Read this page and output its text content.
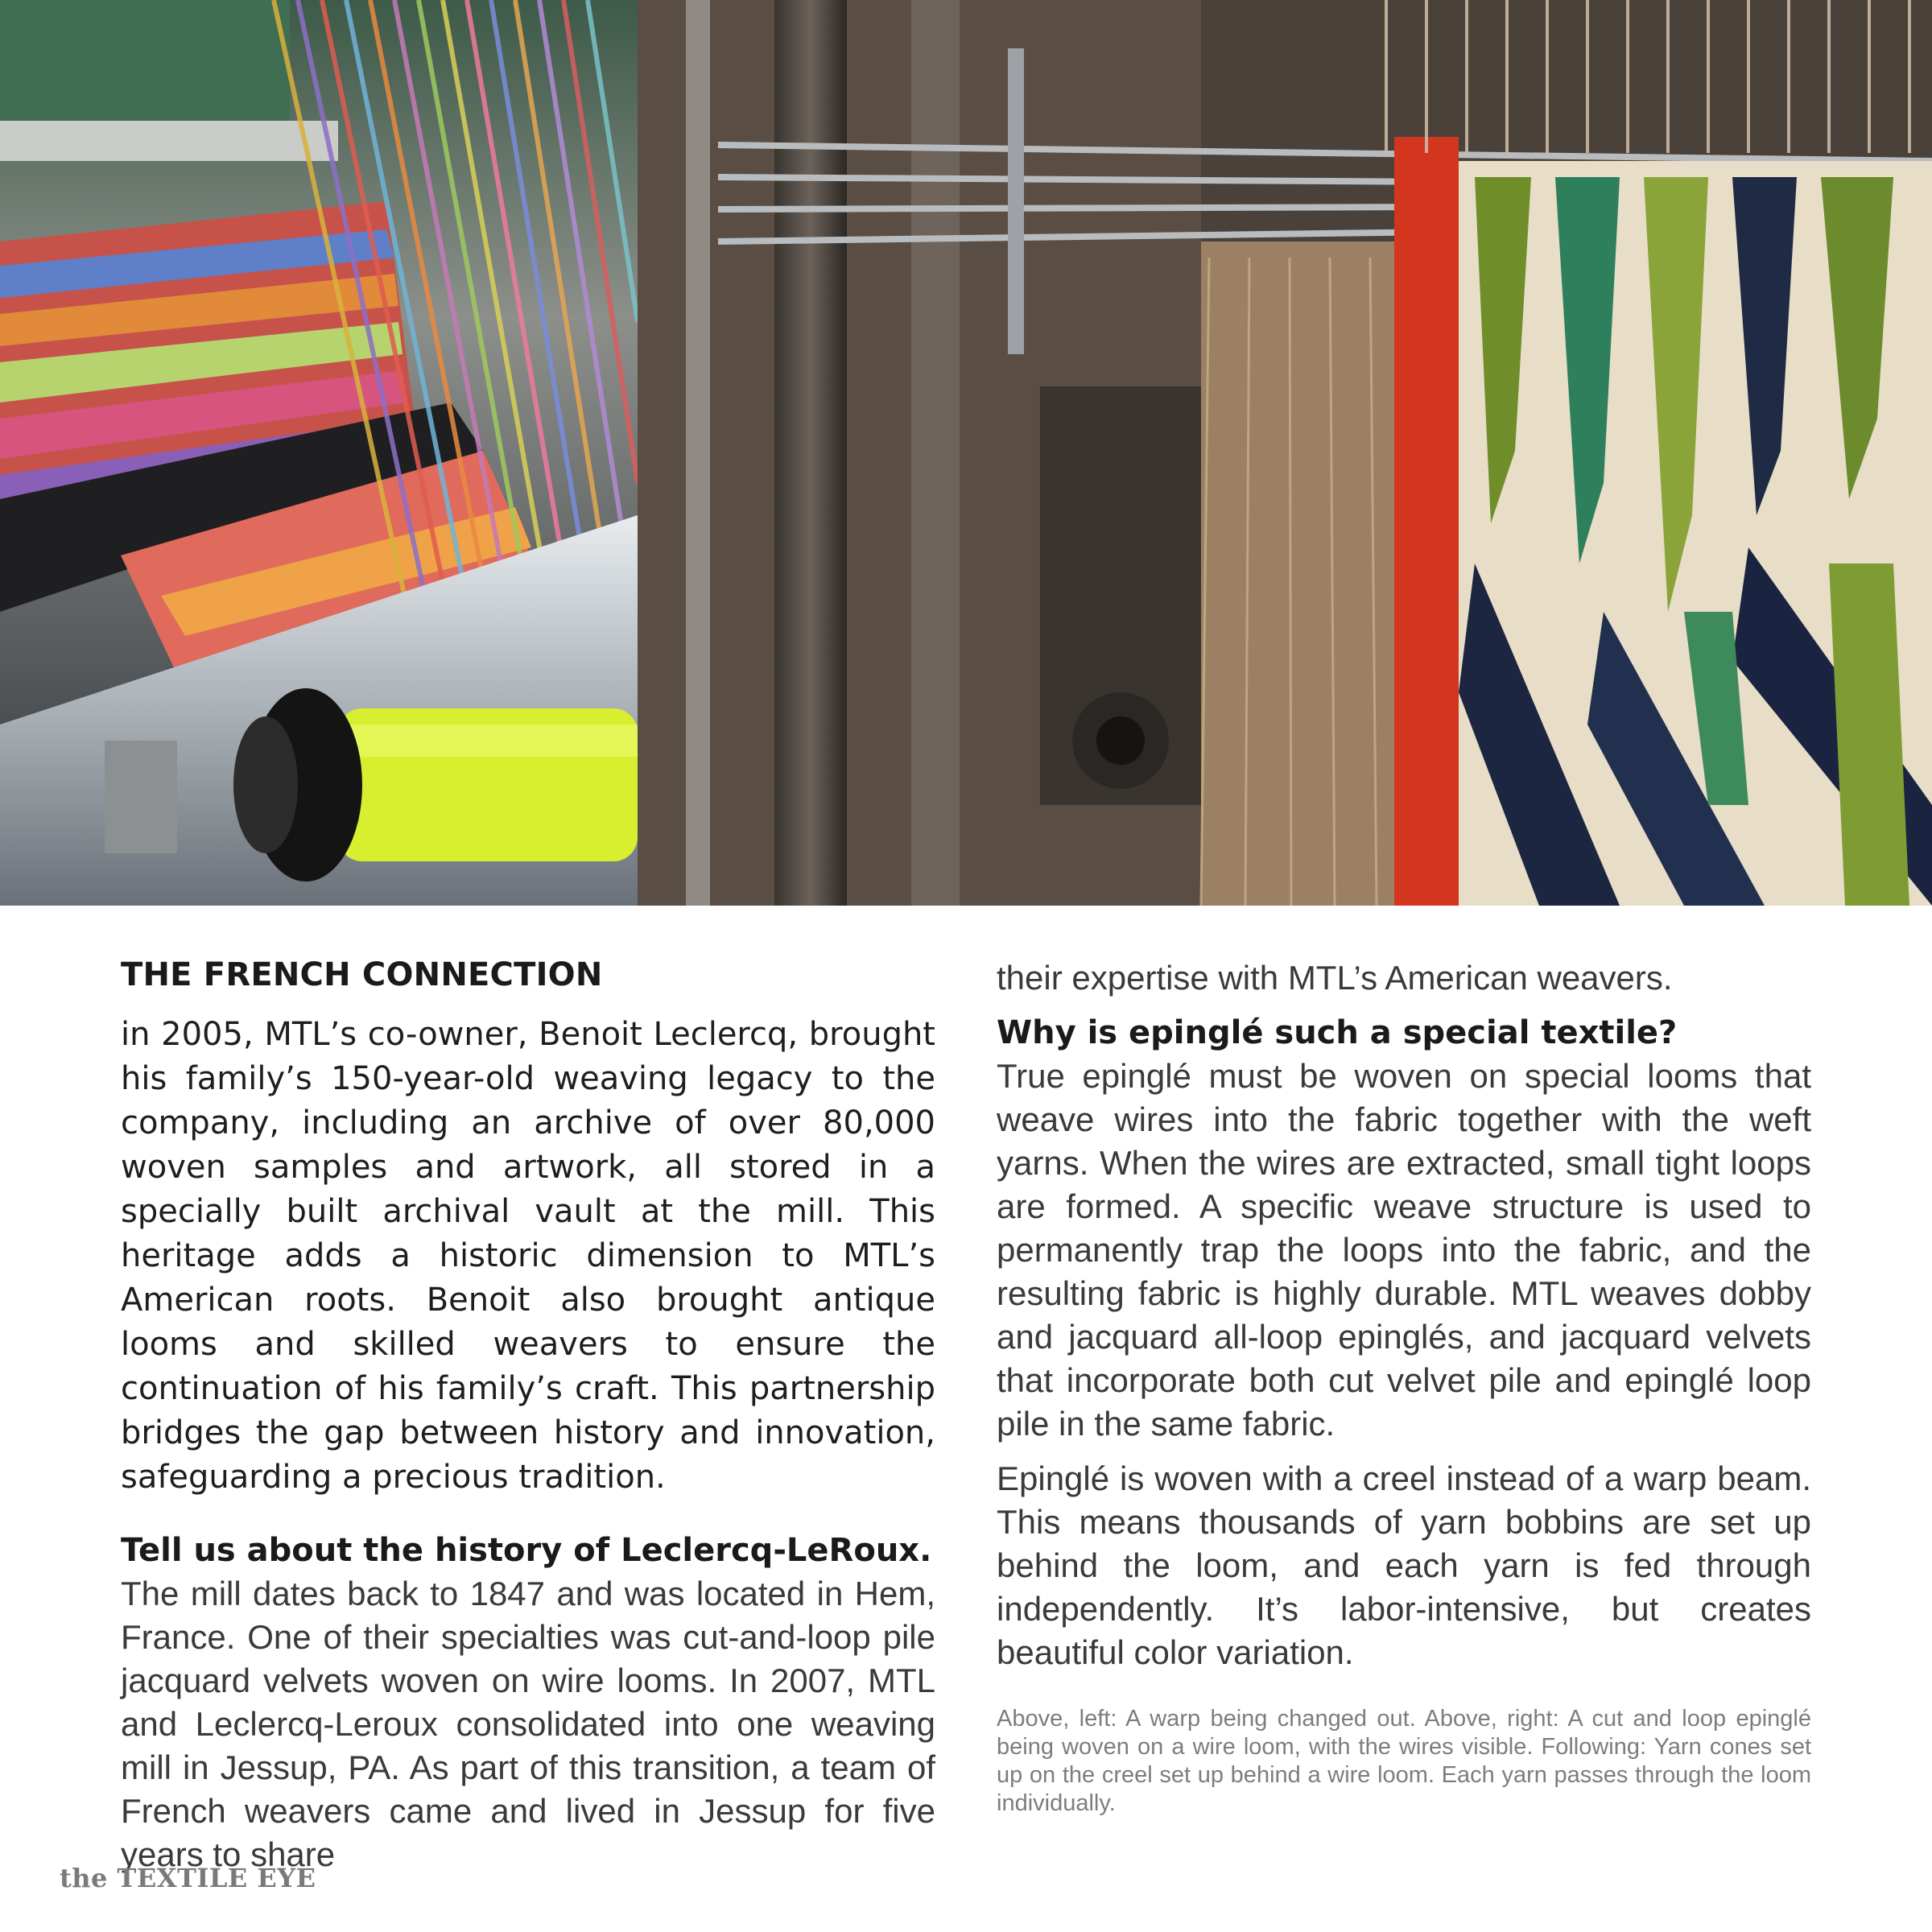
THE FRENCH CONNECTION

in 2005, MTL’s co-owner, Benoit Leclercq, brought his family’s 150-year-old weaving legacy to the company, including an archive of over 80,000 woven samples and artwork, all stored in a specially built archival vault at the mill. This heritage adds a historic dimension to MTL’s American roots. Benoit also brought antique looms and skilled weavers to ensure the continuation of his family’s craft. This partnership bridges the gap between history and innovation, safeguarding a precious tradition.

Tell us about the history of Leclercq-LeRoux.

The mill dates back to 1847 and was located in Hem, France. One of their specialties was cut-and-loop pile jacquard velvets woven on wire looms. In 2007, MTL and Leclercq-Leroux consolidated into one weaving mill in Jessup, PA. As part of this transition, a team of French weavers came and lived in Jessup for five years to share

their expertise with MTL’s American weavers.

Why is epinglé such a special textile?

True epinglé must be woven on special looms that weave wires into the fabric together with the weft yarns. When the wires are extracted, small tight loops are formed. A specific weave structure is used to permanently trap the loops into the fabric, and the resulting fabric is highly durable. MTL weaves dobby and jacquard all-loop epinglés, and jacquard velvets that incorporate both cut velvet pile and epinglé loop pile in the same fabric.

Epinglé is woven with a creel instead of a warp beam. This means thousands of yarn bobbins are set up behind the loom, and each yarn is fed through independently. It’s labor-intensive, but creates beautiful color variation.

Above, left: A warp being changed out. Above, right: A cut and loop epinglé being woven on a wire loom, with the wires visible. Following: Yarn cones set up on the creel set up behind a wire loom. Each yarn passes through the loom individually.

the TEXTILE EYE
